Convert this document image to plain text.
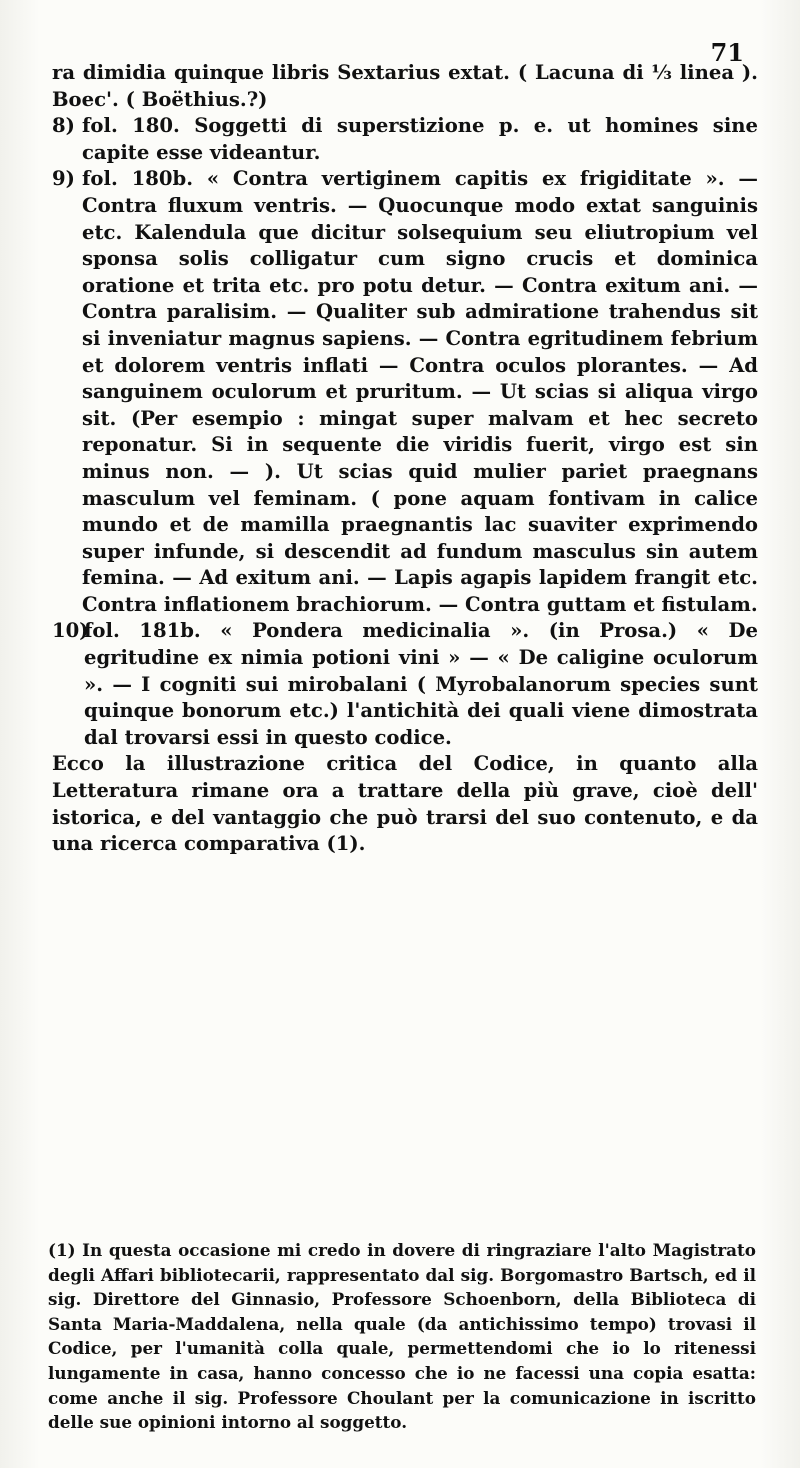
71

ra dimidia quinque libris Sextarius extat. ( Lacuna di ⅓ linea ). Boec'. ( Boëthius.?)

8) fol. 180. Soggetti di superstizione p. e. ut homines sine capite esse videantur.

9) fol. 180b. « Contra vertiginem capitis ex frigiditate ». — Contra fluxum ventris. — Quocunque modo extat sanguinis etc. Kalendula que dicitur solsequium seu eliutropium vel sponsa solis colligatur cum signo crucis et dominica oratione et trita etc. pro potu detur. — Contra exitum ani. — Contra paralisim. — Qualiter sub admiratione trahendus sit si inveniatur magnus sapiens. — Contra egritudinem febrium et dolorem ventris inflati — Contra oculos plorantes. — Ad sanguinem oculorum et pruritum. — Ut scias si aliqua virgo sit. (Per esempio : mingat super malvam et hec secreto reponatur. Si in sequente die viridis fuerit, virgo est sin minus non. — ). Ut scias quid mulier pariet praegnans masculum vel feminam. ( pone aquam fontivam in calice mundo et de mamilla praegnantis lac suaviter exprimendo super infunde, si descendit ad fundum masculus sin autem femina. — Ad exitum ani. — Lapis agapis lapidem frangit etc. Contra inflationem brachiorum. — Contra guttam et fistulam.

10)fol. 181b. « Pondera medicinalia ». (in Prosa.) « De egritudine ex nimia potioni vini » — « De caligine oculorum ». — I cogniti sui mirobalani ( Myrobalanorum species sunt quinque bonorum etc.) l'antichità dei quali viene dimostrata dal trovarsi essi in questo codice.

Ecco la illustrazione critica del Codice, in quanto alla Letteratura rimane ora a trattare della più grave, cioè dell' istorica, e del vantaggio che può trarsi del suo contenuto, e da una ricerca comparativa (1).

(1) In questa occasione mi credo in dovere di ringraziare l'alto Magistrato degli Affari bibliotecarii, rappresentato dal sig. Borgomastro Bartsch, ed il sig. Direttore del Ginnasio, Professore Schoenborn, della Biblioteca di Santa Maria-Maddalena, nella quale (da antichissimo tempo) trovasi il Codice, per l'umanità colla quale, permettendomi che io lo ritenessi lungamente in casa, hanno concesso che io ne facessi una copia esatta: come anche il sig. Professore Choulant per la comunicazione in iscritto delle sue opinioni intorno al soggetto.
